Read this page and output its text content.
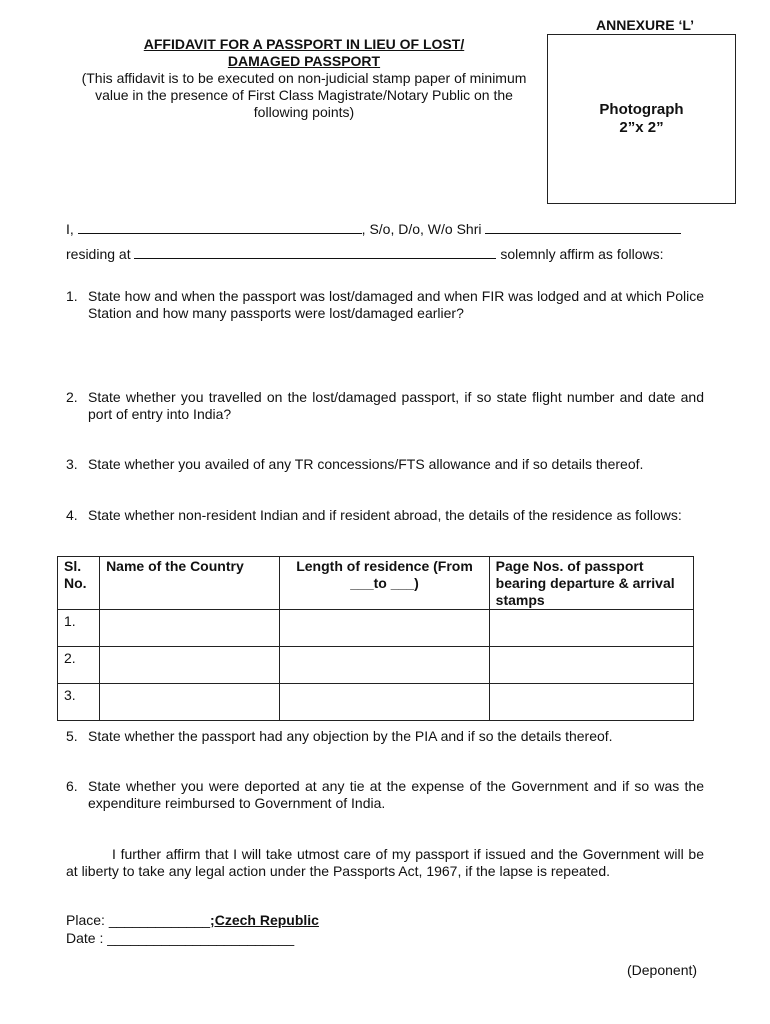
ANNEXURE ‘L’
AFFIDAVIT FOR A PASSPORT IN LIEU OF LOST/
DAMAGED PASSPORT
(This affidavit is to be executed on non-judicial stamp paper of minimum value in the presence of First Class Magistrate/Notary Public on the following points)	Photograph
2”x 2”
I,	, S/o, D/o, W/o Shri
residing at	solemnly affirm as follows:
1. State how and when the passport was lost/damaged and when FIR was lodged and at which Police Station and how many passports were lost/damaged earlier?
2. State whether you travelled on the lost/damaged passport, if so state flight number and date and port of entry into India?
3. State whether you availed of any TR concessions/FTS allowance and if so details thereof.
4. State whether non-resident Indian and if resident abroad, the details of the residence as follows:
Sl. No.	Name of the Country	Length of residence (From ___to ___)	Page Nos. of passport bearing departure & arrival stamps
1.			
2.			
3.			
5. State whether the passport had any objection by the PIA and if so the details thereof.
6. State whether you were deported at any tie at the expense of the Government and if so was the expenditure reimbursed to Government of India.
I further affirm that I will take utmost care of my passport if issued and the Government will be at liberty to take any legal action under the Passports Act, 1967, if the lapse is repeated.
Place: _____________;Czech Republic
Date : ________________________
(Deponent)
